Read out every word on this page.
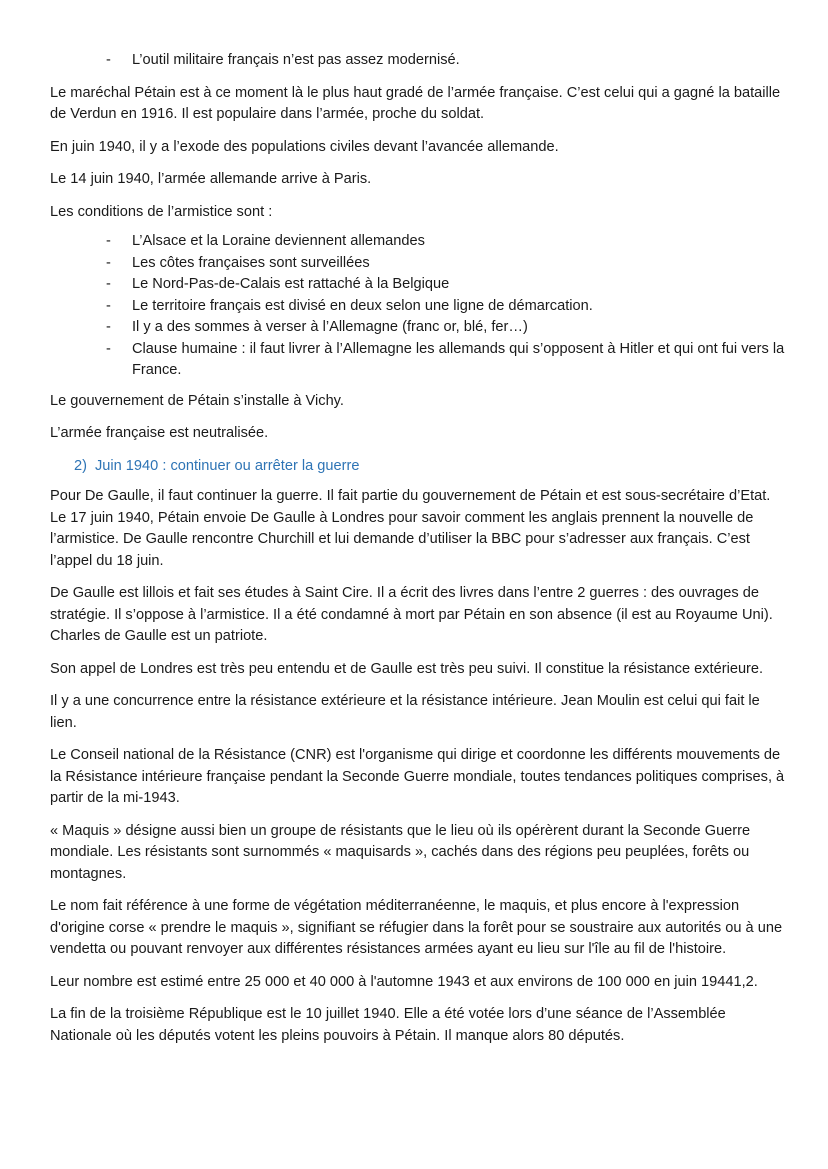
- L’outil militaire français n’est pas assez modernisé.

Le maréchal Pétain est à ce moment là le plus haut gradé de l’armée française. C’est celui qui a gagné la bataille de Verdun en 1916. Il est populaire dans l’armée, proche du soldat.

En juin 1940, il y a l’exode des populations civiles devant l’avancée allemande.

Le 14 juin 1940, l’armée allemande arrive à Paris.

Les conditions de l’armistice sont :

- L’Alsace et la Loraine deviennent allemandes
- Les côtes françaises sont surveillées
- Le Nord-Pas-de-Calais est rattaché à la Belgique
- Le territoire français est divisé en deux selon une ligne de démarcation.
- Il y a des sommes à verser à l’Allemagne (franc or, blé, fer…)
- Clause humaine : il faut livrer à l’Allemagne les allemands qui s’opposent à Hitler et qui ont fui vers la France.

Le gouvernement de Pétain s’installe à Vichy.

L’armée française est neutralisée.

2) Juin 1940 : continuer ou arrêter la guerre

Pour De Gaulle, il faut continuer la guerre. Il fait partie du gouvernement de Pétain et est sous-secrétaire d’Etat. Le 17 juin 1940, Pétain envoie De Gaulle à Londres pour savoir comment les anglais prennent la nouvelle de l’armistice. De Gaulle rencontre Churchill et lui demande d’utiliser la BBC pour s’adresser aux français. C’est l’appel du 18 juin.

De Gaulle est lillois et fait ses études à Saint Cire. Il a écrit des livres dans l’entre 2 guerres : des ouvrages de stratégie. Il s’oppose à l’armistice. Il a été condamné à mort par Pétain en son absence (il est au Royaume Uni). Charles de Gaulle est un patriote.

Son appel de Londres est très peu entendu et de Gaulle est très peu suivi. Il constitue la résistance extérieure.

Il y a une concurrence entre la résistance extérieure et la résistance intérieure. Jean Moulin est celui qui fait le lien.

Le Conseil national de la Résistance (CNR) est l'organisme qui dirige et coordonne les différents mouvements de la Résistance intérieure française pendant la Seconde Guerre mondiale, toutes tendances politiques comprises, à partir de la mi-1943.

« Maquis » désigne aussi bien un groupe de résistants que le lieu où ils opérèrent durant la Seconde Guerre mondiale. Les résistants sont surnommés « maquisards », cachés dans des régions peu peuplées, forêts ou montagnes.

Le nom fait référence à une forme de végétation méditerranéenne, le maquis, et plus encore à l'expression d'origine corse « prendre le maquis », signifiant se réfugier dans la forêt pour se soustraire aux autorités ou à une vendetta ou pouvant renvoyer aux différentes résistances armées ayant eu lieu sur l'île au fil de l'histoire.

Leur nombre est estimé entre 25 000 et 40 000 à l'automne 1943 et aux environs de 100 000 en juin 19441,2.

La fin de la troisième République est le 10 juillet 1940. Elle a été votée lors d’une séance de l’Assemblée Nationale où les députés votent les pleins pouvoirs à Pétain. Il manque alors 80 députés.
